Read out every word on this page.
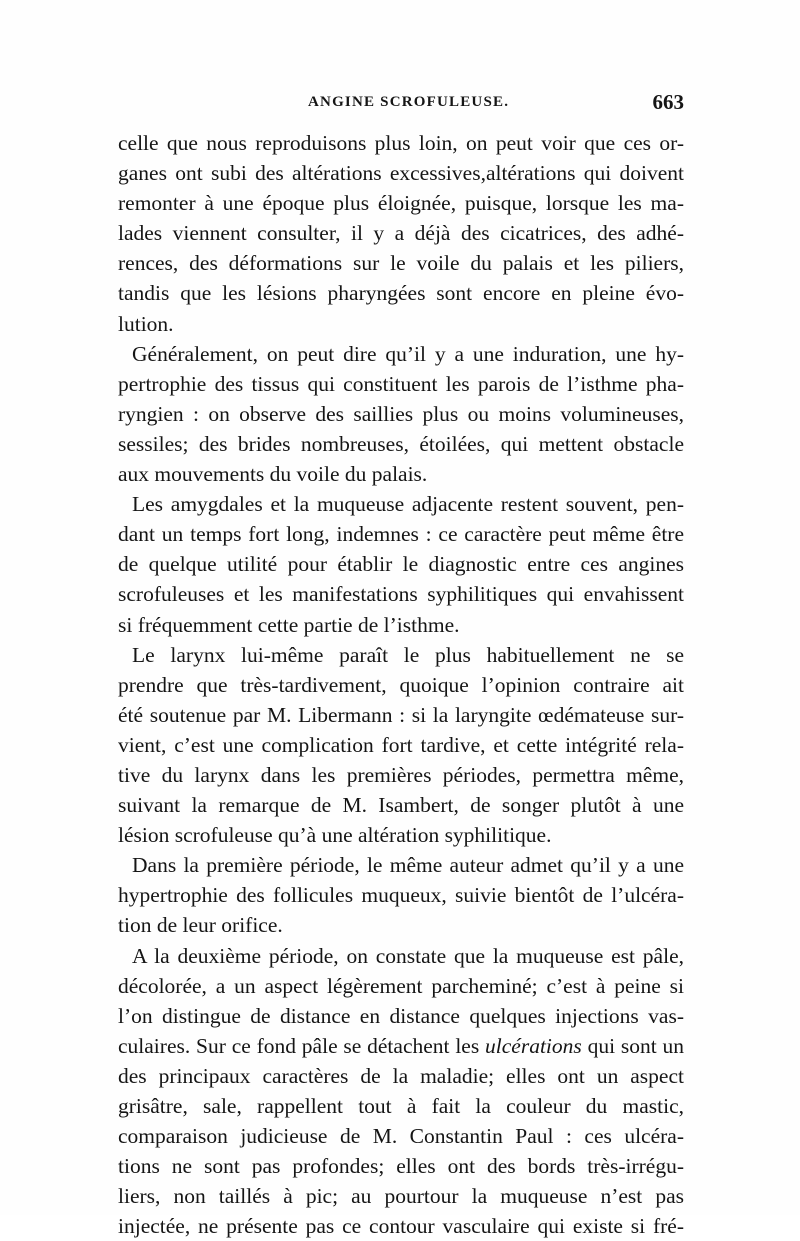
ANGINE SCROFULEUSE.	663
celle que nous reproduisons plus loin, on peut voir que ces or-
ganes ont subi des altérations excessives,altérations qui doivent
remonter à une époque plus éloignée, puisque, lorsque les ma-
lades viennent consulter, il y a déjà des cicatrices, des adhé-
rences, des déformations sur le voile du palais et les piliers,
tandis que les lésions pharyngées sont encore en pleine évo-
lution.
Généralement, on peut dire qu’il y a une induration, une hy-
pertrophie des tissus qui constituent les parois de l’isthme pha-
ryngien : on observe des saillies plus ou moins volumineuses,
sessiles; des brides nombreuses, étoilées, qui mettent obstacle
aux mouvements du voile du palais.
Les amygdales et la muqueuse adjacente restent souvent, pen-
dant un temps fort long, indemnes : ce caractère peut même être
de quelque utilité pour établir le diagnostic entre ces angines
scrofuleuses et les manifestations syphilitiques qui envahissent
si fréquemment cette partie de l’isthme.
Le larynx lui-même paraît le plus habituellement ne se
prendre que très-tardivement, quoique l’opinion contraire ait
été soutenue par M. Libermann : si la laryngite œdémateuse sur-
vient, c’est une complication fort tardive, et cette intégrité rela-
tive du larynx dans les premières périodes, permettra même,
suivant la remarque de M. Isambert, de songer plutôt à une
lésion scrofuleuse qu’à une altération syphilitique.
Dans la première période, le même auteur admet qu’il y a une
hypertrophie des follicules muqueux, suivie bientôt de l’ulcéra-
tion de leur orifice.
A la deuxième période, on constate que la muqueuse est pâle,
décolorée, a un aspect légèrement parcheminé; c’est à peine si
l’on distingue de distance en distance quelques injections vas-
culaires. Sur ce fond pâle se détachent les ulcérations qui sont un
des principaux caractères de la maladie; elles ont un aspect
grisâtre, sale, rappellent tout à fait la couleur du mastic,
comparaison judicieuse de M. Constantin Paul : ces ulcéra-
tions ne sont pas profondes; elles ont des bords très-irrégu-
liers, non taillés à pic; au pourtour la muqueuse n’est pas
injectée, ne présente pas ce contour vasculaire qui existe si fré-
